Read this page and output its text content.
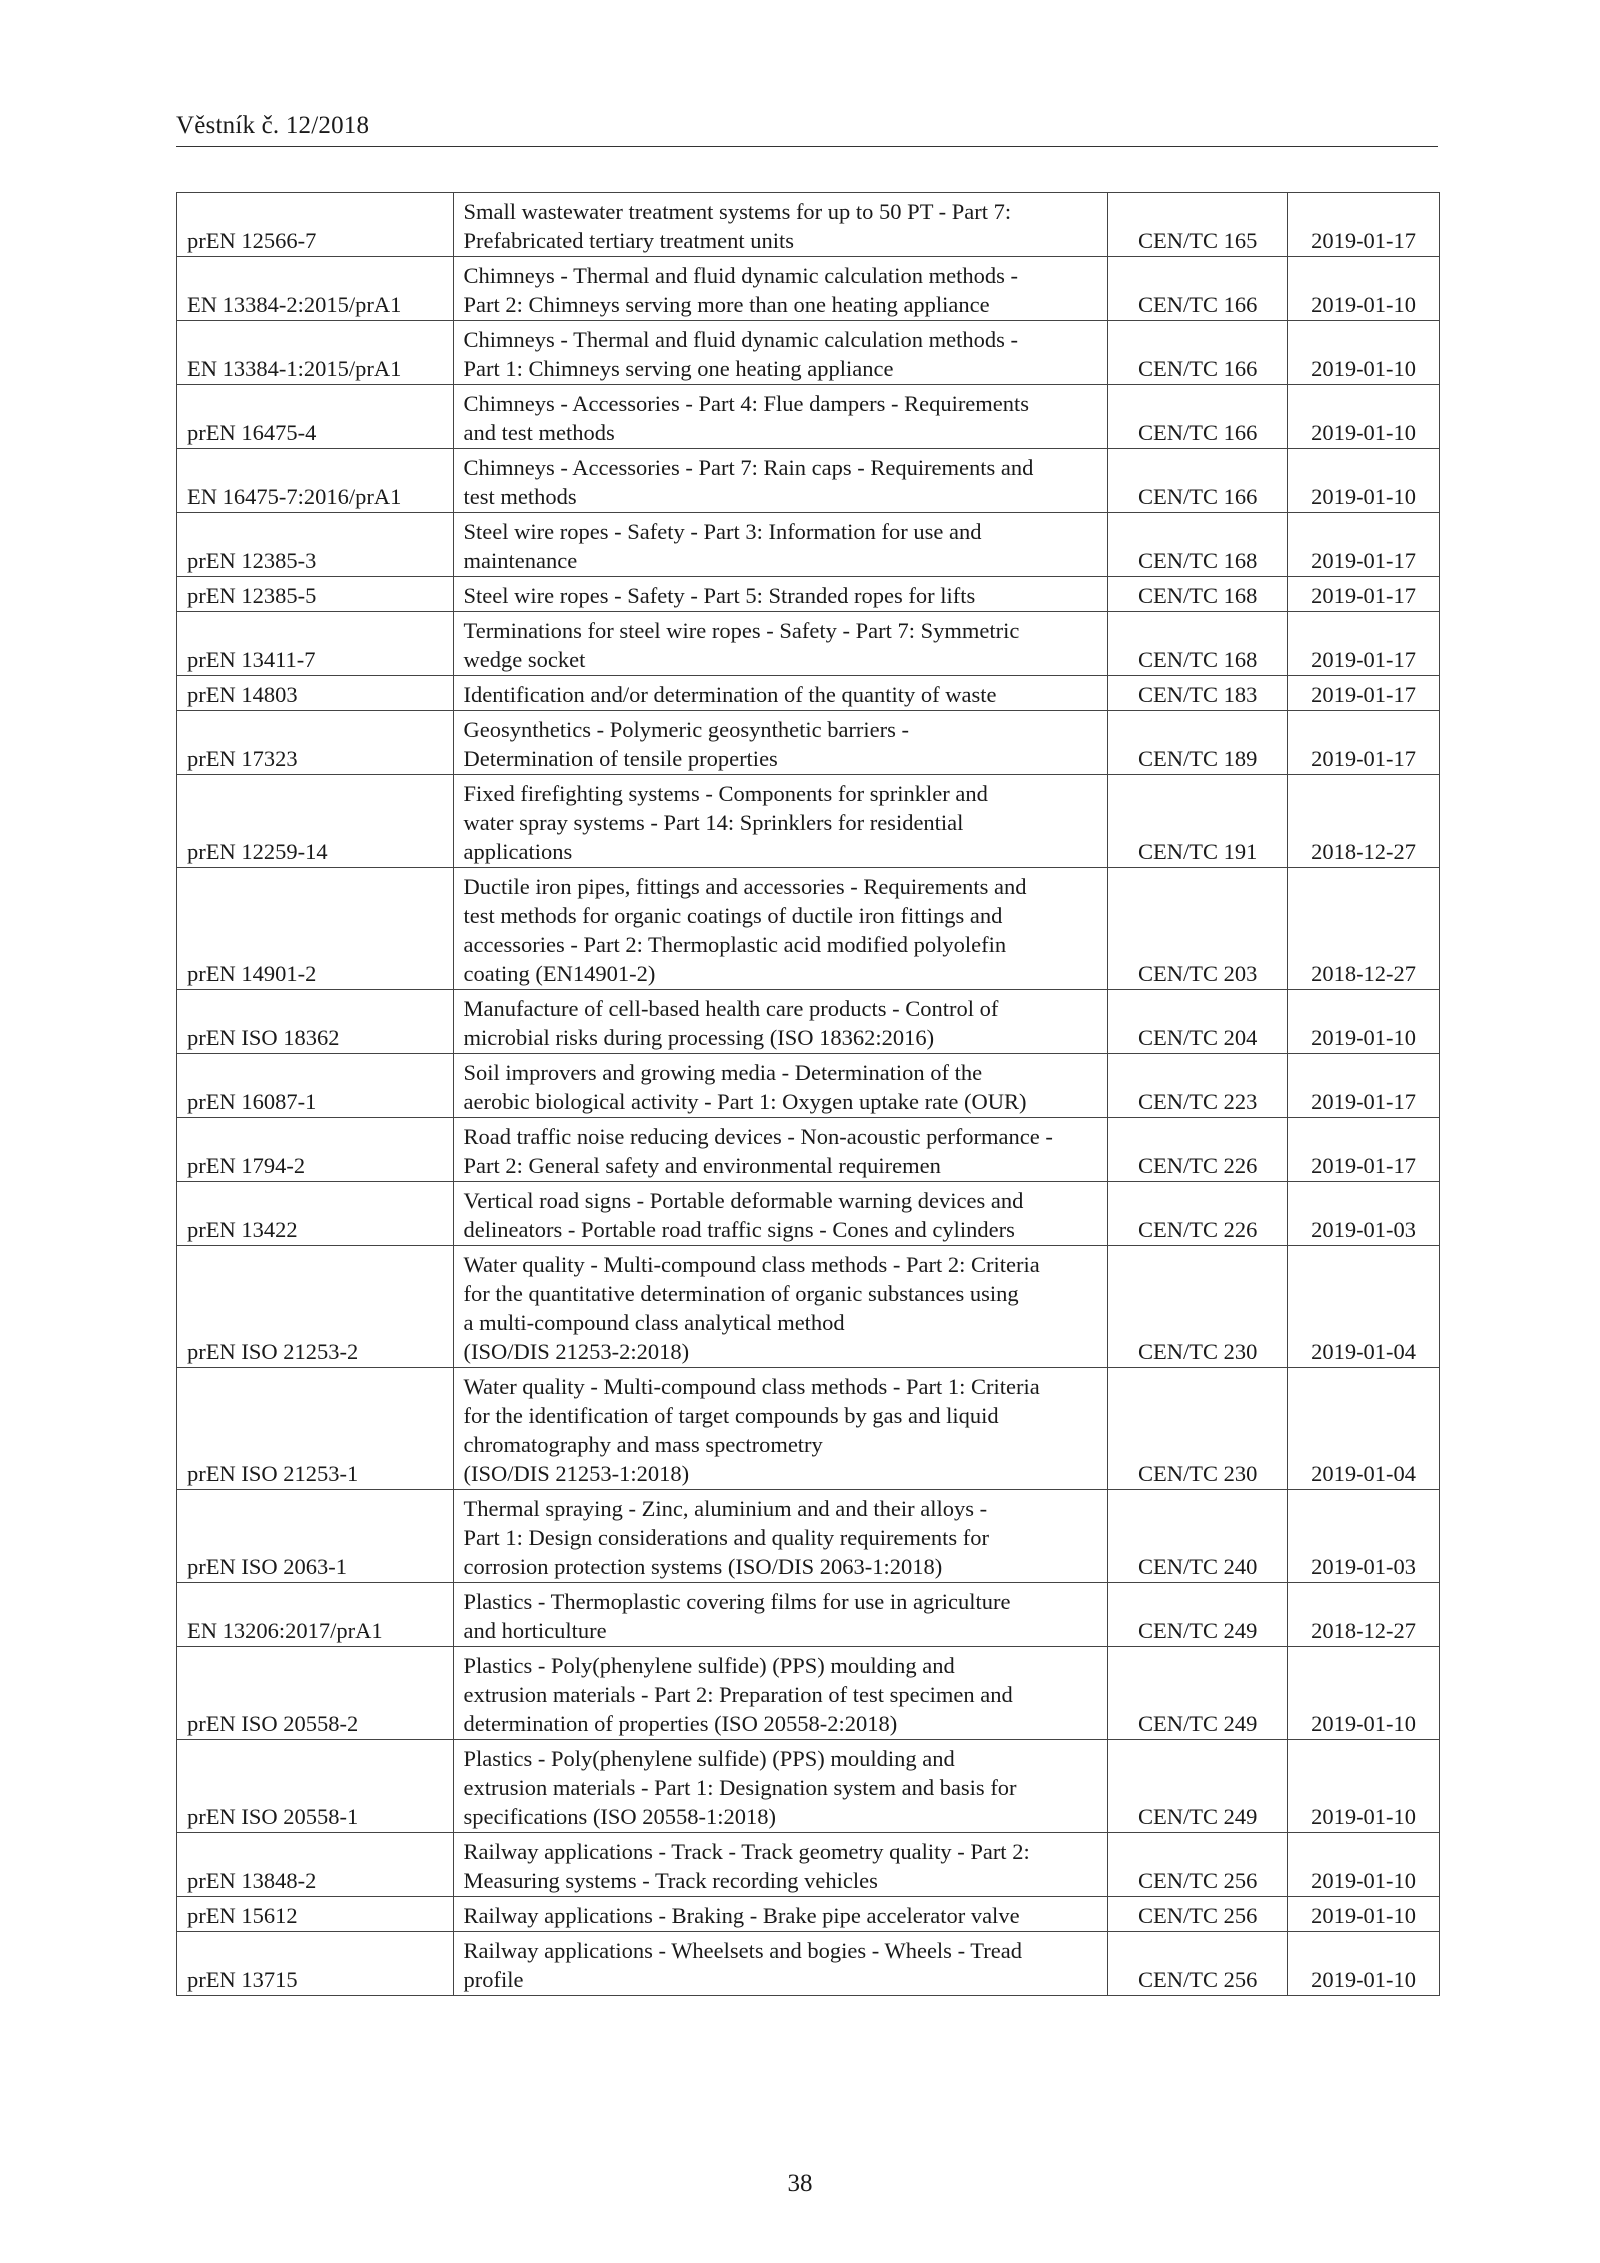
Věstník č. 12/2018
prEN 12566-7	Small wastewater treatment systems for up to 50 PT - Part 7:
Prefabricated tertiary treatment units	CEN/TC 165	2019-01-17
EN 13384-2:2015/prA1	Chimneys - Thermal and fluid dynamic calculation methods -
Part 2: Chimneys serving more than one heating appliance	CEN/TC 166	2019-01-10
EN 13384-1:2015/prA1	Chimneys - Thermal and fluid dynamic calculation methods -
Part 1: Chimneys serving one heating appliance	CEN/TC 166	2019-01-10
prEN 16475-4	Chimneys - Accessories - Part 4: Flue dampers - Requirements
and test methods	CEN/TC 166	2019-01-10
EN 16475-7:2016/prA1	Chimneys - Accessories - Part 7: Rain caps - Requirements and
test methods	CEN/TC 166	2019-01-10
prEN 12385-3	Steel wire ropes - Safety - Part 3: Information for use and
maintenance	CEN/TC 168	2019-01-17
prEN 12385-5	Steel wire ropes - Safety - Part 5: Stranded ropes for lifts	CEN/TC 168	2019-01-17
prEN 13411-7	Terminations for steel wire ropes - Safety - Part 7: Symmetric
wedge socket	CEN/TC 168	2019-01-17
prEN 14803	Identification and/or determination of the quantity of waste	CEN/TC 183	2019-01-17
prEN 17323	Geosynthetics - Polymeric geosynthetic barriers -
Determination of tensile properties	CEN/TC 189	2019-01-17
prEN 12259-14	Fixed firefighting systems - Components for sprinkler and
water spray systems - Part 14: Sprinklers for residential
applications	CEN/TC 191	2018-12-27
prEN 14901-2	Ductile iron pipes, fittings and accessories - Requirements and
test methods for organic coatings of ductile iron fittings and
accessories - Part 2: Thermoplastic acid modified polyolefin
coating (EN14901-2)	CEN/TC 203	2018-12-27
prEN ISO 18362	Manufacture of cell-based health care products - Control of
microbial risks during processing (ISO 18362:2016)	CEN/TC 204	2019-01-10
prEN 16087-1	Soil improvers and growing media - Determination of the
aerobic biological activity - Part 1: Oxygen uptake rate (OUR)	CEN/TC 223	2019-01-17
prEN 1794-2	Road traffic noise reducing devices - Non-acoustic performance -
Part 2: General safety and environmental requiremen	CEN/TC 226	2019-01-17
prEN 13422	Vertical road signs - Portable deformable warning devices and
delineators - Portable road traffic signs - Cones and cylinders	CEN/TC 226	2019-01-03
prEN ISO 21253-2	Water quality - Multi-compound class methods - Part 2: Criteria
for the quantitative determination of organic substances using
a multi-compound class analytical method
(ISO/DIS 21253-2:2018)	CEN/TC 230	2019-01-04
prEN ISO 21253-1	Water quality - Multi-compound class methods - Part 1: Criteria
for the identification of target compounds by gas and liquid
chromatography and mass spectrometry
(ISO/DIS 21253-1:2018)	CEN/TC 230	2019-01-04
prEN ISO 2063-1	Thermal spraying - Zinc, aluminium and and their alloys -
Part 1: Design considerations and quality requirements for
corrosion protection systems (ISO/DIS 2063-1:2018)	CEN/TC 240	2019-01-03
EN 13206:2017/prA1	Plastics - Thermoplastic covering films for use in agriculture
and horticulture	CEN/TC 249	2018-12-27
prEN ISO 20558-2	Plastics - Poly(phenylene sulfide) (PPS) moulding and
extrusion materials - Part 2: Preparation of test specimen and
determination of properties (ISO 20558-2:2018)	CEN/TC 249	2019-01-10
prEN ISO 20558-1	Plastics - Poly(phenylene sulfide) (PPS) moulding and
extrusion materials - Part 1: Designation system and basis for
specifications (ISO 20558-1:2018)	CEN/TC 249	2019-01-10
prEN 13848-2	Railway applications - Track - Track geometry quality - Part 2:
Measuring systems - Track recording vehicles	CEN/TC 256	2019-01-10
prEN 15612	Railway applications - Braking - Brake pipe accelerator valve	CEN/TC 256	2019-01-10
prEN 13715	Railway applications - Wheelsets and bogies - Wheels - Tread
profile	CEN/TC 256	2019-01-10
38
